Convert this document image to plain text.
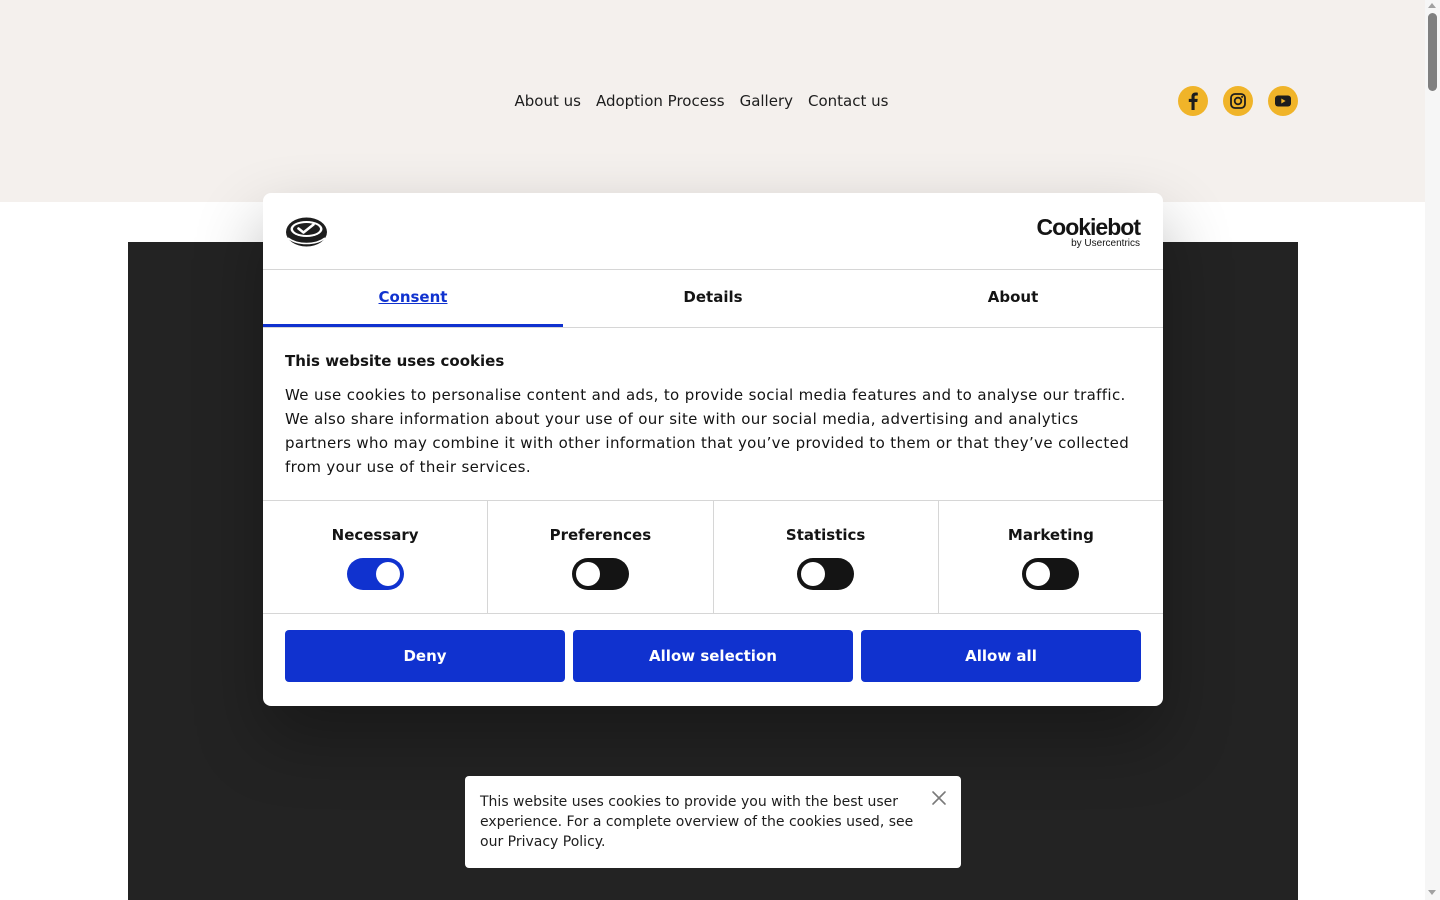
About us	Adoption Process	Gallery	Contact us
Cookiebot
by Usercentrics
Consent	Details	About
This website uses cookies

We use cookies to personalise content and ads, to provide social media features and to analyse our traffic. We also share information about your use of our site with our social media, advertising and analytics partners who may combine it with other information that you’ve provided to them or that they’ve collected from your use of their services.

Necessary	Preferences	Statistics	Marketing
Deny	Allow selection	Allow all

This website uses cookies to provide you with the best user experience. For a complete overview of the cookies used, see our Privacy Policy.
